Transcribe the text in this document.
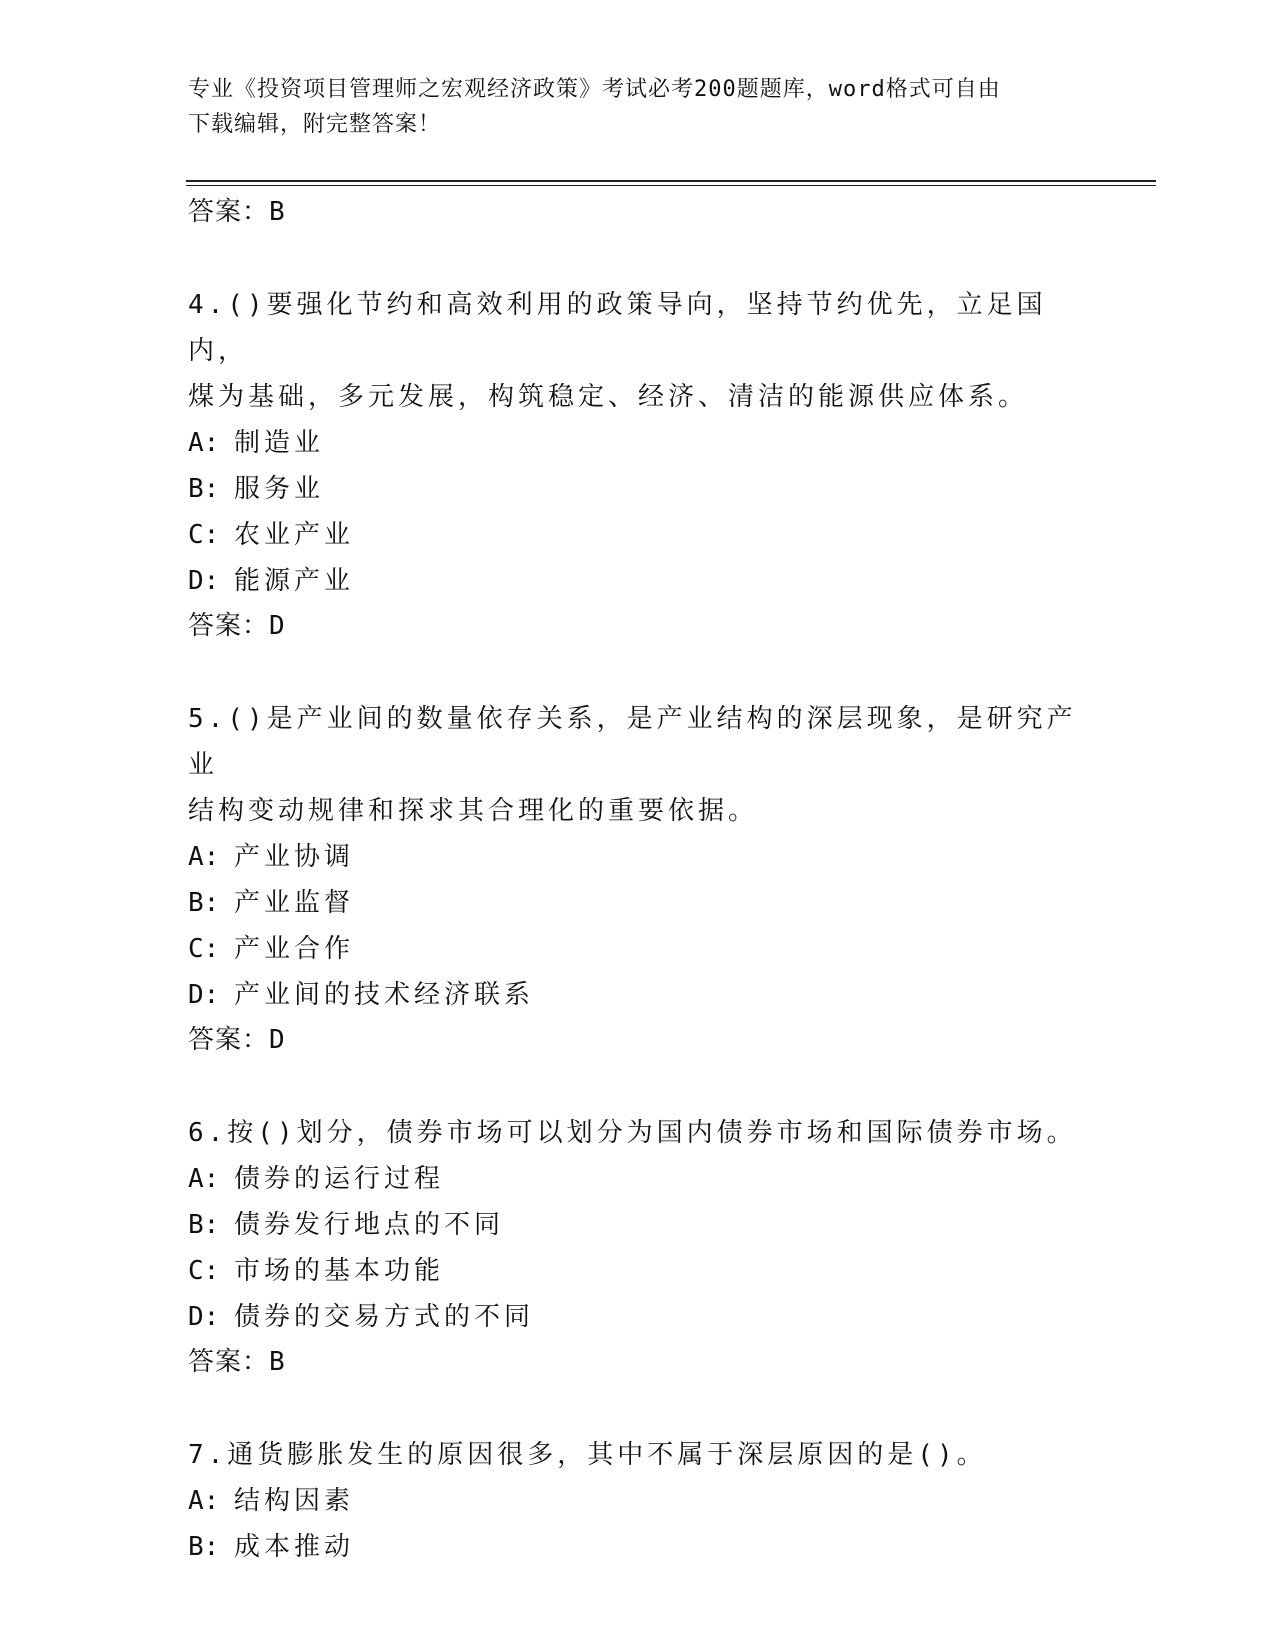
专业《投资项目管理师之宏观经济政策》考试必考200题题库，word格式可自由
下载编辑，附完整答案！
答案：B
4.()要强化节约和高效利用的政策导向，坚持节约优先，立足国内，
煤为基础，多元发展，构筑稳定、经济、清洁的能源供应体系。
A: 制造业
B: 服务业
C: 农业产业
D: 能源产业
答案：D
5.()是产业间的数量依存关系，是产业结构的深层现象，是研究产业
结构变动规律和探求其合理化的重要依据。
A: 产业协调
B: 产业监督
C: 产业合作
D: 产业间的技术经济联系
答案：D
6.按()划分，债券市场可以划分为国内债券市场和国际债券市场。
A: 债券的运行过程
B: 债券发行地点的不同
C: 市场的基本功能
D: 债券的交易方式的不同
答案：B
7.通货膨胀发生的原因很多，其中不属于深层原因的是()。
A: 结构因素
B: 成本推动
